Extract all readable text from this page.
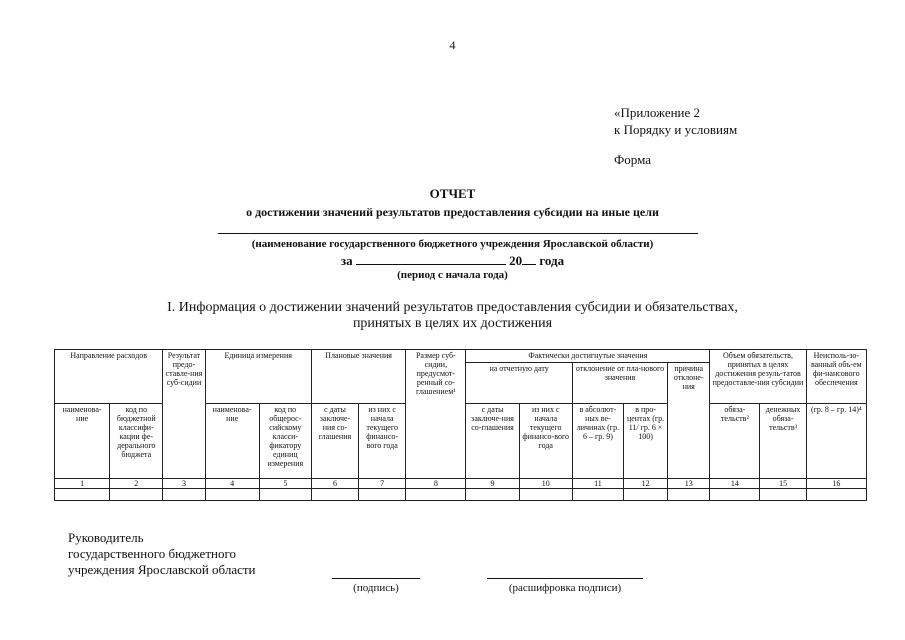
4
«Приложение 2
к Порядку и условиям
Форма
ОТЧЕТ
о достижении значений результатов предоставления субсидии на иные цели
(наименование государственного бюджетного учреждения Ярославской области)
за	20 года
(период с начала года)
I. Информация о достижении значений результатов предоставления субсидии и обязательствах,
принятых в целях их достижения
Направление расходов		Результат предо-ставле-ния суб-сидии	Единица измерения		Плановые значения		Размер суб-сидии, предусмот-ренный со-глашением¹	Фактически достигнутые значения					Объем обязательств, принятых в целях достижения резуль-татов предоставле-ния субсидии		Неисполь-зо-ванный объ-ем фи-нансового обеспечения
								на отчетную дату		отклонение от пла-нового значения		причина отклоне-ния			
наименова-ние	код по бюджетной классифи-кации фе-дерального бюджета		наименова-ние	код по общерос-сийскому класси-фикатору единиц измерения	с даты заключе-ния со-глашения	из них с начала текущего финансо-вого года		с даты заключе-ния со-глашения	из них с начала текущего финансо-вого года	в абсолют-ных ве-личинах (гр. 6 – гр. 9)	в про-центах (гр. 11/ гр. 6 × 100)		обяза-тельств²	денежных обяза-тельств³	(гр. 8 – гр. 14)⁴
1	2	3	4	5	6	7	8	9	10	11	12	13	14	15	16

Руководитель
государственного бюджетного
учреждения Ярославской области
(подпись)	(расшифровка подписи)
